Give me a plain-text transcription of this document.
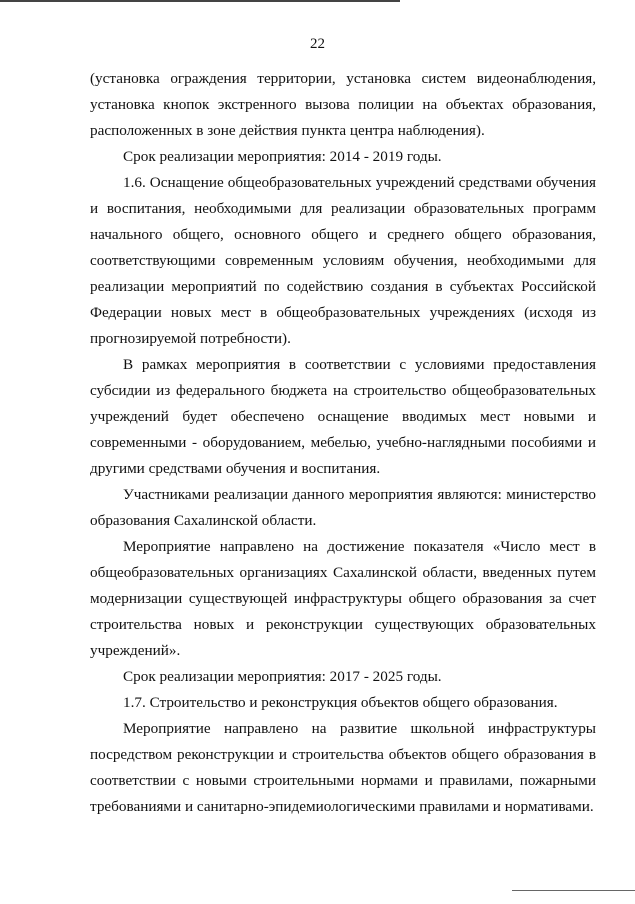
22

(установка ограждения территории, установка систем видеонаблюдения, установка кнопок экстренного вызова полиции на объектах образования, расположенных в зоне действия пункта центра наблюдения).

Срок реализации мероприятия: 2014 - 2019 годы.

1.6. Оснащение общеобразовательных учреждений средствами обучения и воспитания, необходимыми для реализации образовательных программ начального общего, основного общего и среднего общего образования, соответствующими современным условиям обучения, необходимыми для реализации мероприятий по содействию создания в субъектах Российской Федерации новых мест в общеобразовательных учреждениях (исходя из прогнозируемой потребности).

В рамках мероприятия в соответствии с условиями предоставления субсидии из федерального бюджета на строительство общеобразовательных учреждений будет обеспечено оснащение вводимых мест новыми и современными - оборудованием, мебелью, учебно-наглядными пособиями и другими средствами обучения и воспитания.

Участниками реализации данного мероприятия являются: министерство образования Сахалинской области.

Мероприятие направлено на достижение показателя «Число мест в общеобразовательных организациях Сахалинской области, введенных путем модернизации существующей инфраструктуры общего образования за счет строительства новых и реконструкции существующих образовательных учреждений».

Срок реализации мероприятия: 2017 - 2025 годы.

1.7. Строительство и реконструкция объектов общего образования.

Мероприятие направлено на развитие школьной инфраструктуры посредством реконструкции и строительства объектов общего образования в соответствии с новыми строительными нормами и правилами, пожарными требованиями и санитарно-эпидемиологическими правилами и нормативами.
